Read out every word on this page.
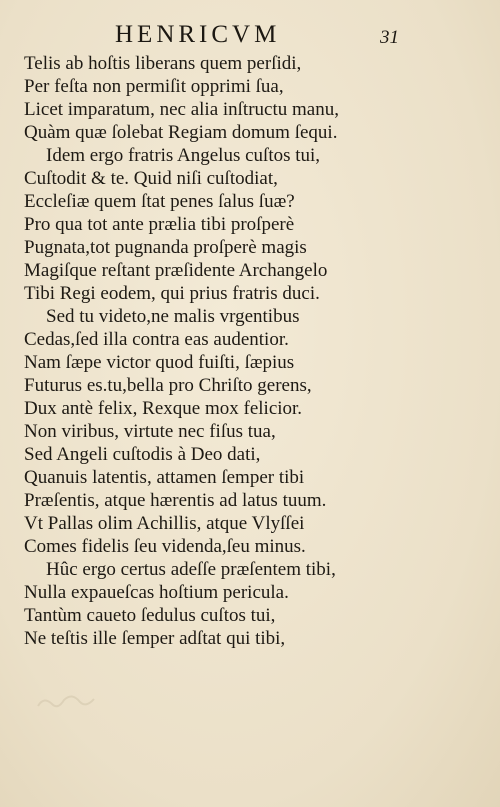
HENRICVM	31
Telis ab hoſtis liberans quem perſidi,
Per feſta non permiſit opprimi ſua,
Licet imparatum, nec alia inſtructu manu,
Quàm quæ ſolebat Regiam domum ſequi.
Idem ergo fratris Angelus cuſtos tui,
Cuſtodit & te. Quid niſi cuſtodiat,
Eccleſiæ quem ſtat penes ſalus ſuæ?
Pro qua tot ante prælia tibi proſperè
Pugnata,tot pugnanda proſperè magis
Magiſque reſtant præſidente Archangelo
Tibi Regi eodem, qui prius fratris duci.
Sed tu videto,ne malis vrgentibus
Cedas,ſed illa contra eas audentior.
Nam ſæpe victor quod fuiſti, ſæpius
Futurus es.tu,bella pro Chriſto gerens,
Dux antè felix, Rexque mox felicior.
Non viribus, virtute nec fiſus tua,
Sed Angeli cuſtodis à Deo dati,
Quanuis latentis, attamen ſemper tibi
Præſentis, atque hærentis ad latus tuum.
Vt Pallas olim Achillis, atque Vlyſſei
Comes fidelis ſeu videnda,ſeu minus.
Hûc ergo certus adeſſe præſentem tibi,
Nulla expaueſcas hoſtium pericula.
Tantùm caueto ſedulus cuſtos tui,
Ne teſtis ille ſemper adſtat qui tibi,
